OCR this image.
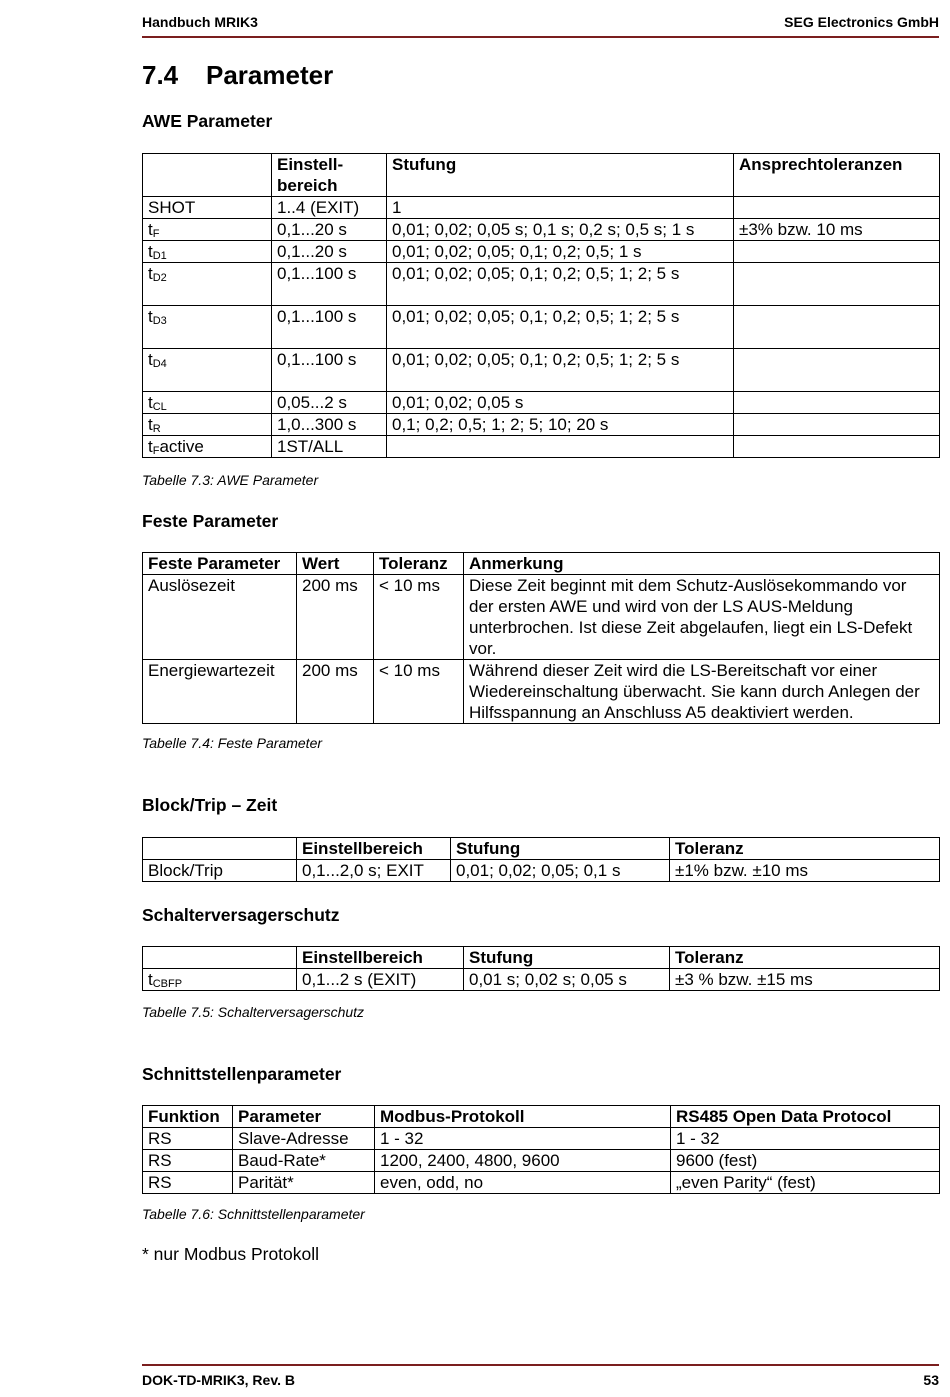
Handbuch MRIK3	SEG Electronics GmbH
7.4 Parameter
AWE Parameter
	Einstell-bereich	Stufung	Ansprechtoleranzen
SHOT	1..4 (EXIT)	1	
$t_F$	0,1...20 s	0,01; 0,02; 0,05 s; 0,1 s; 0,2 s; 0,5 s; 1 s	±3% bzw. 10 ms
$t_{D1}$	0,1...20 s	0,01; 0,02; 0,05; 0,1; 0,2; 0,5; 1 s	
$t_{D2}$	0,1...100 s	0,01; 0,02; 0,05; 0,1; 0,2; 0,5; 1; 2; 5 s	
$t_{D3}$	0,1...100 s	0,01; 0,02; 0,05; 0,1; 0,2; 0,5; 1; 2; 5 s	
$t_{D4}$	0,1...100 s	0,01; 0,02; 0,05; 0,1; 0,2; 0,5; 1; 2; 5 s	
$t_{CL}$	0,05...2 s	0,01; 0,02; 0,05 s	
$t_R$	1,0...300 s	0,1; 0,2; 0,5; 1; 2; 5; 10; 20 s	
$t_Factive$	1ST/ALL		
Tabelle 7.3: AWE Parameter
Feste Parameter
Feste Parameter	Wert	Toleranz	Anmerkung
Auslösezeit	200 ms	< 10 ms	Diese Zeit beginnt mit dem Schutz-Auslösekommando vor der ersten AWE und wird von der LS AUS-Meldung unterbrochen. Ist diese Zeit abgelaufen, liegt ein LS-Defekt vor.
Energiewartezeit	200 ms	< 10 ms	Während dieser Zeit wird die LS-Bereitschaft vor einer Wiedereinschaltung überwacht. Sie kann durch Anlegen der Hilfsspannung an Anschluss A5 deaktiviert werden.
Tabelle 7.4: Feste Parameter
Block/Trip – Zeit
	Einstellbereich	Stufung	Toleranz
Block/Trip	0,1...2,0 s; EXIT	0,01; 0,02; 0,05; 0,1 s	±1% bzw. ±10 ms
Schalterversagerschutz
	Einstellbereich	Stufung	Toleranz
$t_{CBFP}$	0,1...2 s (EXIT)	0,01 s; 0,02 s; 0,05 s	±3 % bzw. ±15 ms
Tabelle 7.5: Schalterversagerschutz
Schnittstellenparameter
Funktion	Parameter	Modbus-Protokoll	RS485 Open Data Protocol
RS	Slave-Adresse	1 - 32	1 - 32
RS	Baud-Rate*	1200, 2400, 4800, 9600	9600 (fest)
RS	Parität*	even, odd, no	„even Parity“ (fest)
Tabelle 7.6: Schnittstellenparameter
* nur Modbus Protokoll
DOK-TD-MRIK3, Rev. B	53
